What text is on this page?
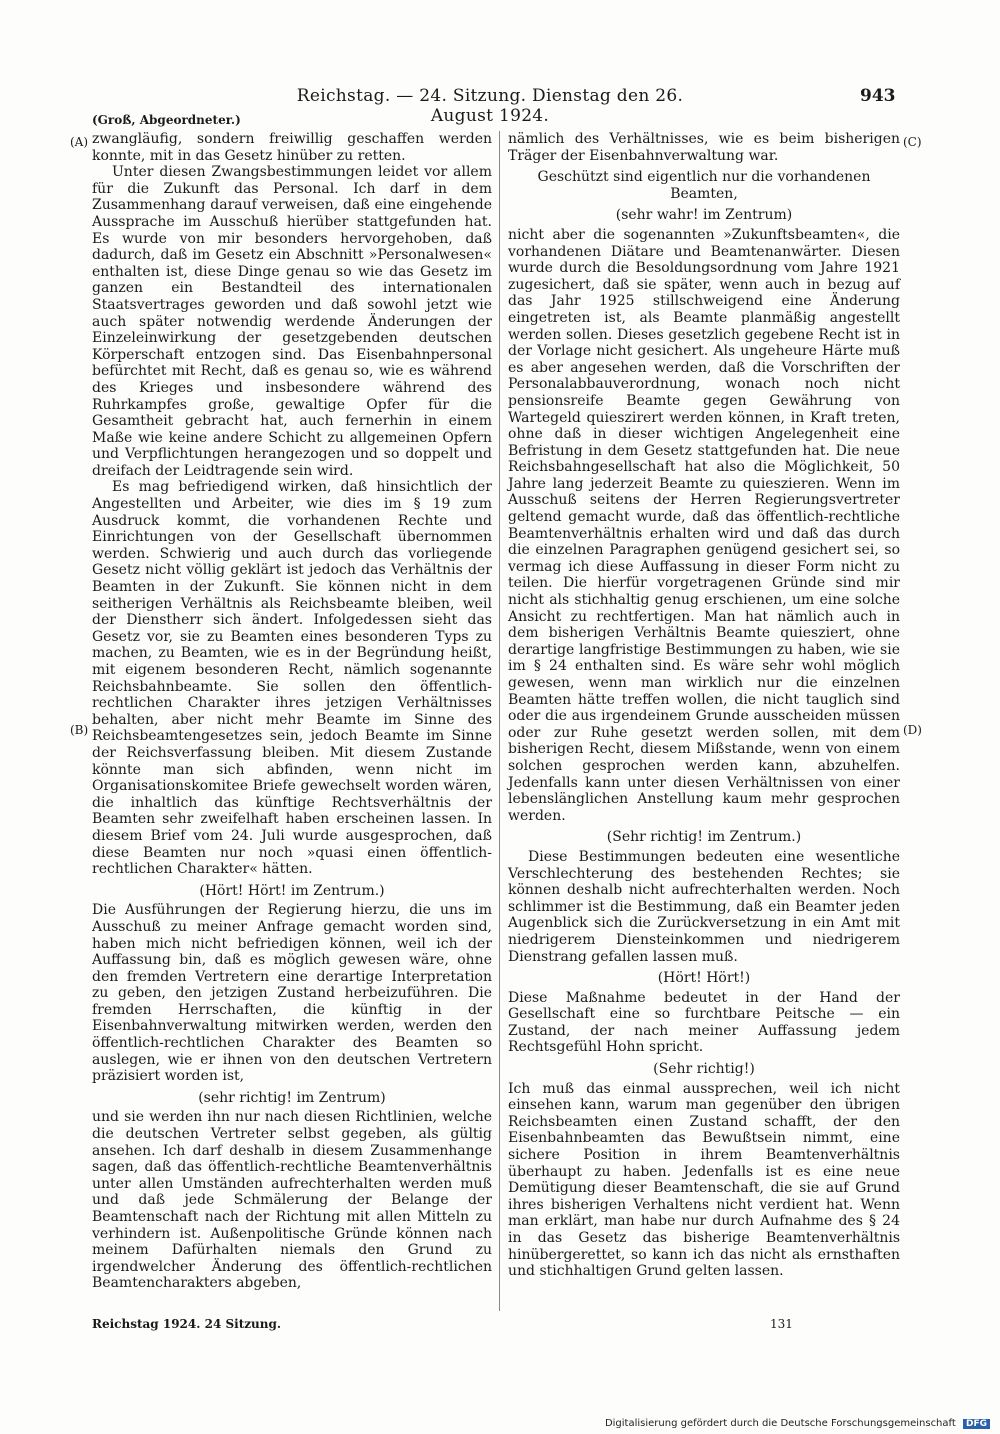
Reichstag. — 24. Sitzung. Dienstag den 26. August 1924.
943
(Groß, Abgeordneter.)
(A)
(B)
(C)
(D)

zwangläufig, sondern freiwillig geschaffen werden konnte, mit in das Gesetz hinüber zu retten.

Unter diesen Zwangsbestimmungen leidet vor allem für die Zukunft das Personal. Ich darf in dem Zusammenhang darauf verweisen, daß eine eingehende Aussprache im Ausschuß hierüber stattgefunden hat. Es wurde von mir besonders hervorgehoben, daß dadurch, daß im Gesetz ein Abschnitt »Personalwesen« enthalten ist, diese Dinge genau so wie das Gesetz im ganzen ein Bestandteil des internationalen Staatsvertrages geworden und daß sowohl jetzt wie auch später notwendig werdende Änderungen der Einzeleinwirkung der gesetzgebenden deutschen Körperschaft entzogen sind. Das Eisenbahnpersonal befürchtet mit Recht, daß es genau so, wie es während des Krieges und insbesondere während des Ruhrkampfes große, gewaltige Opfer für die Gesamtheit gebracht hat, auch fernerhin in einem Maße wie keine andere Schicht zu allgemeinen Opfern und Verpflichtungen herangezogen und so doppelt und dreifach der Leidtragende sein wird.

Es mag befriedigend wirken, daß hinsichtlich der Angestellten und Arbeiter, wie dies im § 19 zum Ausdruck kommt, die vorhandenen Rechte und Einrichtungen von der Gesellschaft übernommen werden. Schwierig und auch durch das vorliegende Gesetz nicht völlig geklärt ist jedoch das Verhältnis der Beamten in der Zukunft. Sie können nicht in dem seitherigen Verhältnis als Reichsbeamte bleiben, weil der Dienstherr sich ändert. Infolgedessen sieht das Gesetz vor, sie zu Beamten eines besonderen Typs zu machen, zu Beamten, wie es in der Begründung heißt, mit eigenem besonderen Recht, nämlich sogenannte Reichsbahnbeamte. Sie sollen den öffentlich-rechtlichen Charakter ihres jetzigen Verhältnisses behalten, aber nicht mehr Beamte im Sinne des Reichsbeamtengesetzes sein, jedoch Beamte im Sinne der Reichsverfassung bleiben. Mit diesem Zustande könnte man sich abfinden, wenn nicht im Organisationskomitee Briefe gewechselt worden wären, die inhaltlich das künftige Rechtsverhältnis der Beamten sehr zweifelhaft haben erscheinen lassen. In diesem Brief vom 24. Juli wurde ausgesprochen, daß diese Beamten nur noch »quasi einen öffentlich-rechtlichen Charakter« hätten.

(Hört! Hört! im Zentrum.)

Die Ausführungen der Regierung hierzu, die uns im Ausschuß zu meiner Anfrage gemacht worden sind, haben mich nicht befriedigen können, weil ich der Auffassung bin, daß es möglich gewesen wäre, ohne den fremden Vertretern eine derartige Interpretation zu geben, den jetzigen Zustand herbeizuführen. Die fremden Herrschaften, die künftig in der Eisenbahnverwaltung mitwirken werden, werden den öffentlich-rechtlichen Charakter des Beamten so auslegen, wie er ihnen von den deutschen Vertretern präzisiert worden ist,

(sehr richtig! im Zentrum)

und sie werden ihn nur nach diesen Richtlinien, welche die deutschen Vertreter selbst gegeben, als gültig ansehen. Ich darf deshalb in diesem Zusammenhange sagen, daß das öffentlich-rechtliche Beamtenverhältnis unter allen Umständen aufrechterhalten werden muß und daß jede Schmälerung der Belange der Beamtenschaft nach der Richtung mit allen Mitteln zu verhindern ist. Außenpolitische Gründe können nach meinem Dafürhalten niemals den Grund zu irgendwelcher Änderung des öffentlich-rechtlichen Beamtencharakters abgeben,

nämlich des Verhältnisses, wie es beim bisherigen Träger der Eisenbahnverwaltung war.

Geschützt sind eigentlich nur die vorhandenen Beamten,

(sehr wahr! im Zentrum)

nicht aber die sogenannten »Zukunftsbeamten«, die vorhandenen Diätare und Beamtenanwärter. Diesen wurde durch die Besoldungsordnung vom Jahre 1921 zugesichert, daß sie später, wenn auch in bezug auf das Jahr 1925 stillschweigend eine Änderung eingetreten ist, als Beamte planmäßig angestellt werden sollen. Dieses gesetzlich gegebene Recht ist in der Vorlage nicht gesichert. Als ungeheure Härte muß es aber angesehen werden, daß die Vorschriften der Personalabbauverordnung, wonach noch nicht pensionsreife Beamte gegen Gewährung von Wartegeld quieszirert werden können, in Kraft treten, ohne daß in dieser wichtigen Angelegenheit eine Befristung in dem Gesetz stattgefunden hat. Die neue Reichsbahngesellschaft hat also die Möglichkeit, 50 Jahre lang jederzeit Beamte zu quieszieren. Wenn im Ausschuß seitens der Herren Regierungsvertreter geltend gemacht wurde, daß das öffentlich-rechtliche Beamtenverhältnis erhalten wird und daß das durch die einzelnen Paragraphen genügend gesichert sei, so vermag ich diese Auffassung in dieser Form nicht zu teilen. Die hierfür vorgetragenen Gründe sind mir nicht als stichhaltig genug erschienen, um eine solche Ansicht zu rechtfertigen. Man hat nämlich auch in dem bisherigen Verhältnis Beamte quiesziert, ohne derartige langfristige Bestimmungen zu haben, wie sie im § 24 enthalten sind. Es wäre sehr wohl möglich gewesen, wenn man wirklich nur die einzelnen Beamten hätte treffen wollen, die nicht tauglich sind oder die aus irgendeinem Grunde ausscheiden müssen oder zur Ruhe gesetzt werden sollen, mit dem bisherigen Recht, diesem Mißstande, wenn von einem solchen gesprochen werden kann, abzuhelfen. Jedenfalls kann unter diesen Verhältnissen von einer lebenslänglichen Anstellung kaum mehr gesprochen werden.

(Sehr richtig! im Zentrum.)

Diese Bestimmungen bedeuten eine wesentliche Verschlechterung des bestehenden Rechtes; sie können deshalb nicht aufrechterhalten werden. Noch schlimmer ist die Bestimmung, daß ein Beamter jeden Augenblick sich die Zurückversetzung in ein Amt mit niedrigerem Diensteinkommen und niedrigerem Dienstrang gefallen lassen muß.

(Hört! Hört!)

Diese Maßnahme bedeutet in der Hand der Gesellschaft eine so furchtbare Peitsche — ein Zustand, der nach meiner Auffassung jedem Rechtsgefühl Hohn spricht.

(Sehr richtig!)

Ich muß das einmal aussprechen, weil ich nicht einsehen kann, warum man gegenüber den übrigen Reichsbeamten einen Zustand schafft, der den Eisenbahnbeamten das Bewußtsein nimmt, eine sichere Position in ihrem Beamtenverhältnis überhaupt zu haben. Jedenfalls ist es eine neue Demütigung dieser Beamtenschaft, die sie auf Grund ihres bisherigen Verhaltens nicht verdient hat. Wenn man erklärt, man habe nur durch Aufnahme des § 24 in das Gesetz das bisherige Beamtenverhältnis hinübergerettet, so kann ich das nicht als ernsthaften und stichhaltigen Grund gelten lassen.

Reichstag 1924. 24 Sitzung.	131
Digitalisierung gefördert durch die Deutsche Forschungsgemeinschaft DFG
